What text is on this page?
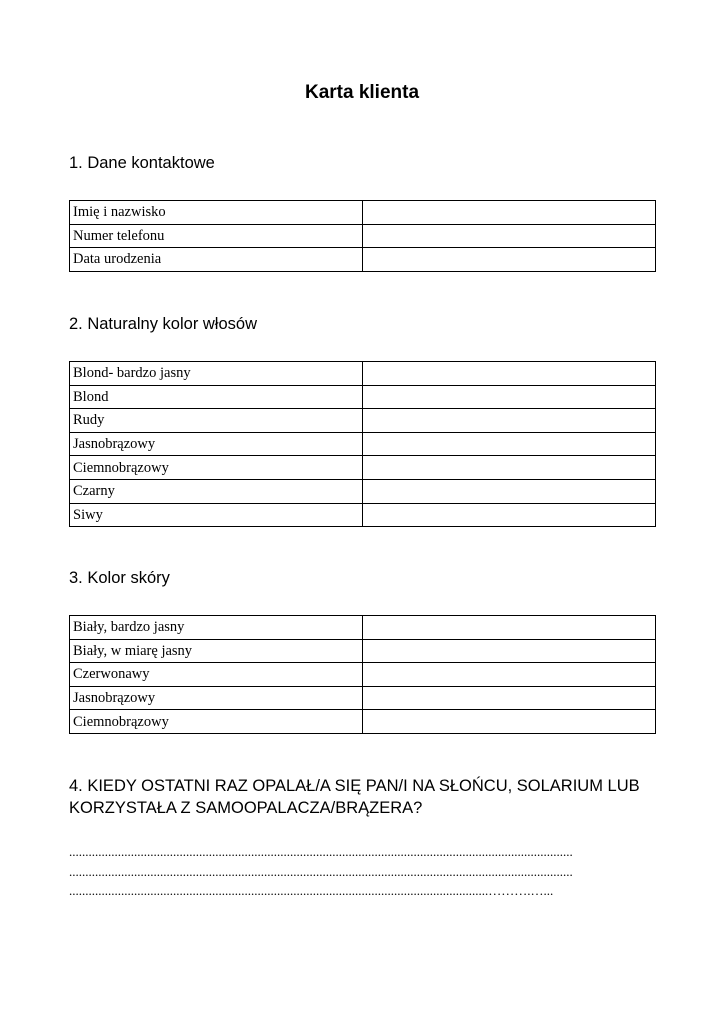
Karta klienta
1. Dane kontaktowe
Imię i nazwisko	
Numer telefonu	
Data urodzenia	
2. Naturalny kolor włosów
Blond- bardzo jasny	
Blond	
Rudy	
Jasnobrązowy	
Ciemnobrązowy	
Czarny	
Siwy	
3. Kolor skóry
Biały, bardzo jasny	
Biały, w miarę jasny	
Czerwonawy	
Jasnobrązowy	
Ciemnobrązowy	
4. KIEDY OSTATNI RAZ OPALAŁ/A SIĘ PAN/I NA SŁOŃCU, SOLARIUM LUB KORZYSTAŁA Z SAMOOPALACZA/BRĄZERA?
...........................................................................................................................................................
...........................................................................................................................................................
.................................................................................................................................……….…...
